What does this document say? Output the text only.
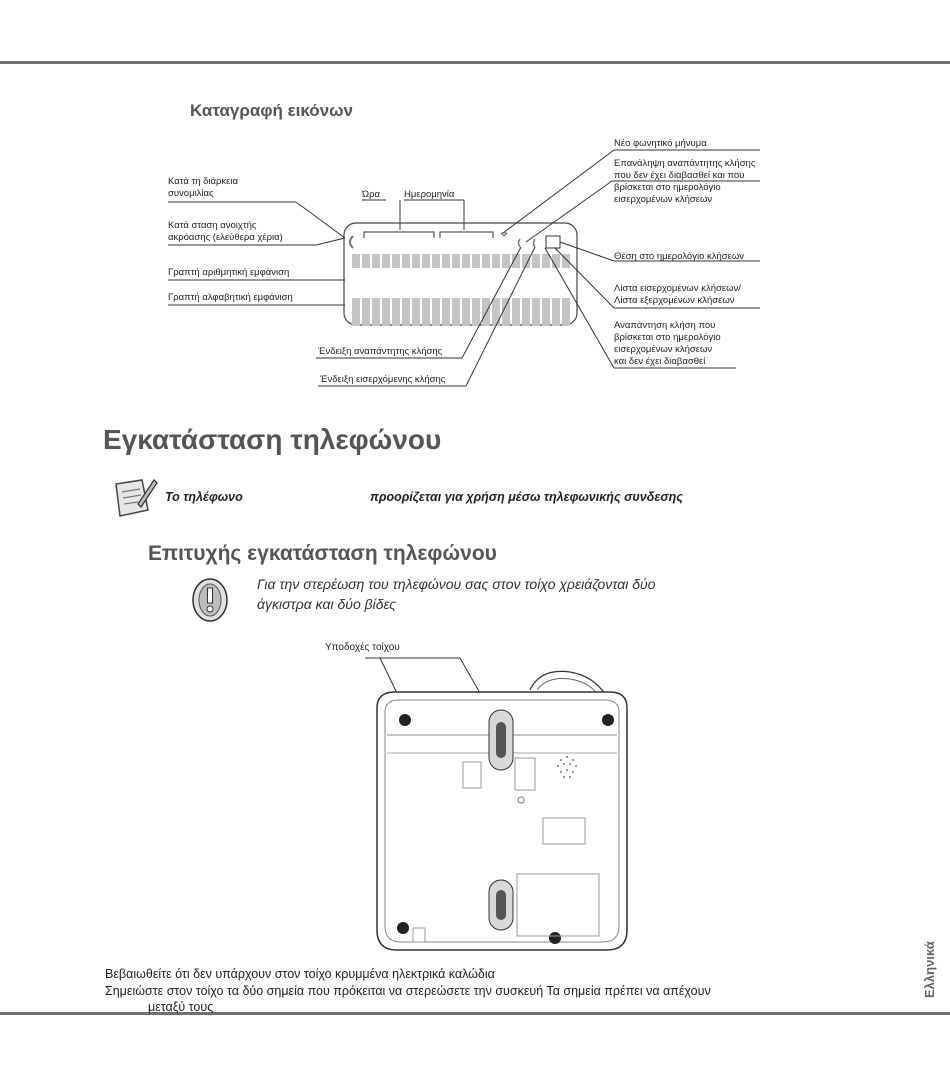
Καταγραφή εικόνων
Κατά τη διάρκεια
συνομιλίας
Κατά σταση ανοιχτής
ακρόασης (ελεύθερα χέρια)
Γραπτή αριθμητική εμφάνιση
Γραπτή αλφαβητική εμφάνιση
Ώρα	Ημερομηνία
Νέο φωνητικό μήνυμα
Επανάληψη αναπάντητης κλήσης
που δεν έχει διαβασθεί και που
βρίσκεται στο ημερολόγιο
εισερχομένων κλήσεων
Θέση στο ημερολόγιο κλήσεων
Λίστα εισερχομένων κλήσεων/
Λίστα εξερχομένων κλήσεων
Αναπάντηση κλήση που
βρίσκεται στο ημερολόγιο
εισερχομένων κλήσεων
και δεν έχει διαβασθεί
Ένδειξη αναπάντητης κλήσης
Ένδειξη εισερχόμενης κλήσης
Εγκατάσταση τηλεφώνου
Το τηλέφωνο	προορίζεται για χρήση μέσω τηλεφωνικής συνδεσης
Επιτυχής εγκατάσταση τηλεφώνου
Για την στερέωση του τηλεφώνου σας στον τοίχο χρειάζονται δύο
άγκιστρα και δύο βίδες
Υποδοχές τοίχου
Βεβαιωθείτε ότι δεν υπάρχουν στον τοίχο κρυμμένα ηλεκτρικά καλώδια
Σημειώστε στον τοίχο τα δύο σημεία που πρόκειται να στερεώσετε την συσκευή Τα σημεία πρέπει να απέχουν
μεταξύ τους
Ελληνικά
